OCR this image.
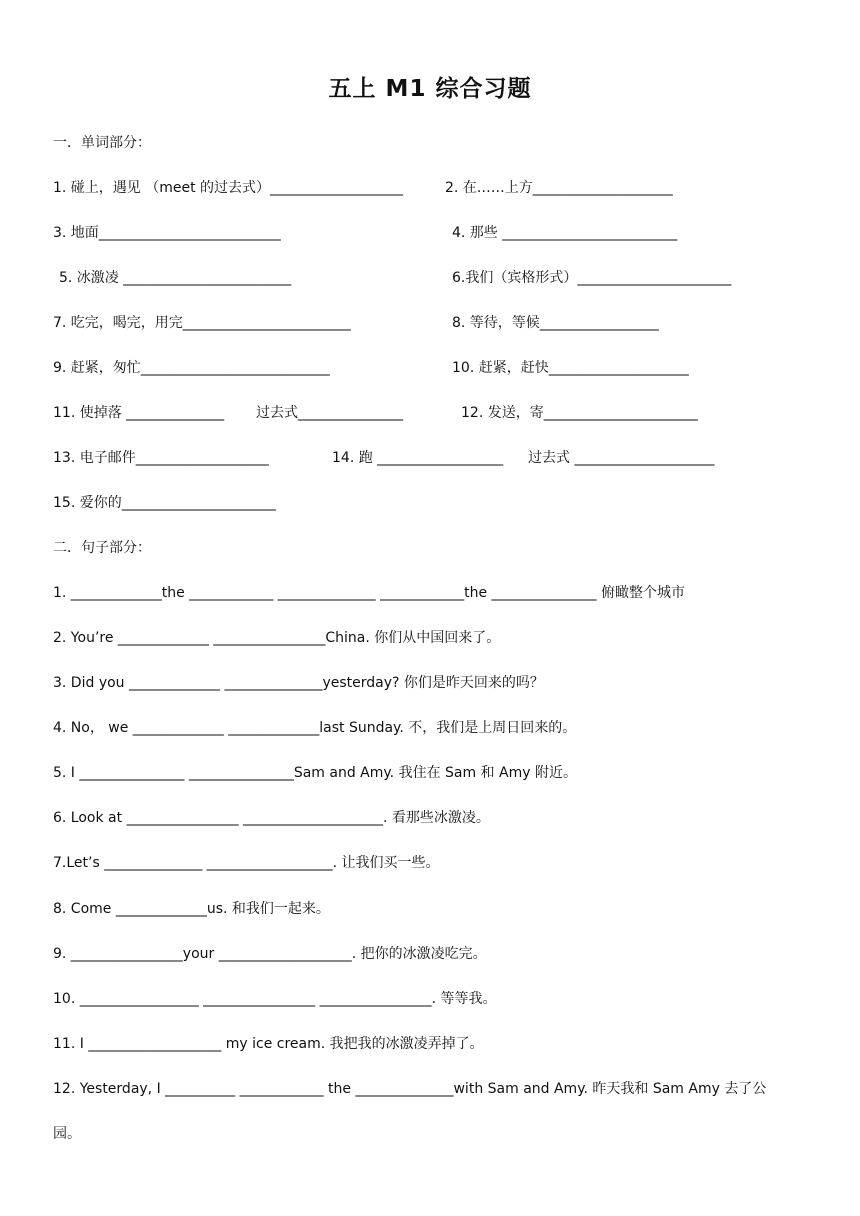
五上 M1 综合习题
一．单词部分：
1. 碰上，遇见 （meet 的过去式）___________________	2. 在……上方____________________
3. 地面__________________________	4. 那些 _________________________
5. 冰激凌 ________________________	6.我们（宾格形式）______________________
7. 吃完，喝完，用完________________________	8. 等待，等候_________________
9. 赶紧，匆忙___________________________	10. 赶紧，赶快____________________
11. 使掉落 ______________ 过去式_______________	12. 发送，寄______________________
13. 电子邮件___________________	14. 跑 __________________ 过去式 ____________________
15. 爱你的______________________
二．句子部分：
1. _____________the ____________ ______________ ____________the _______________ 俯瞰整个城市
2. You’re _____________ ________________China. 你们从中国回来了。
3. Did you _____________ ______________yesterday? 你们是昨天回来的吗？
4. No， we _____________ _____________last Sunday. 不，我们是上周日回来的。
5. I _______________ _______________Sam and Amy. 我住在 Sam 和 Amy 附近。
6. Look at ________________ ____________________. 看那些冰激凌。
7.Let’s ______________ __________________. 让我们买一些。
8. Come _____________us. 和我们一起来。
9. ________________your ___________________. 把你的冰激凌吃完。
10. _________________ ________________ ________________. 等等我。
11. I ___________________ my ice cream. 我把我的冰激凌弄掉了。
12. Yesterday, I __________ ____________ the ______________with Sam and Amy. 昨天我和 Sam Amy 去了公
园。
